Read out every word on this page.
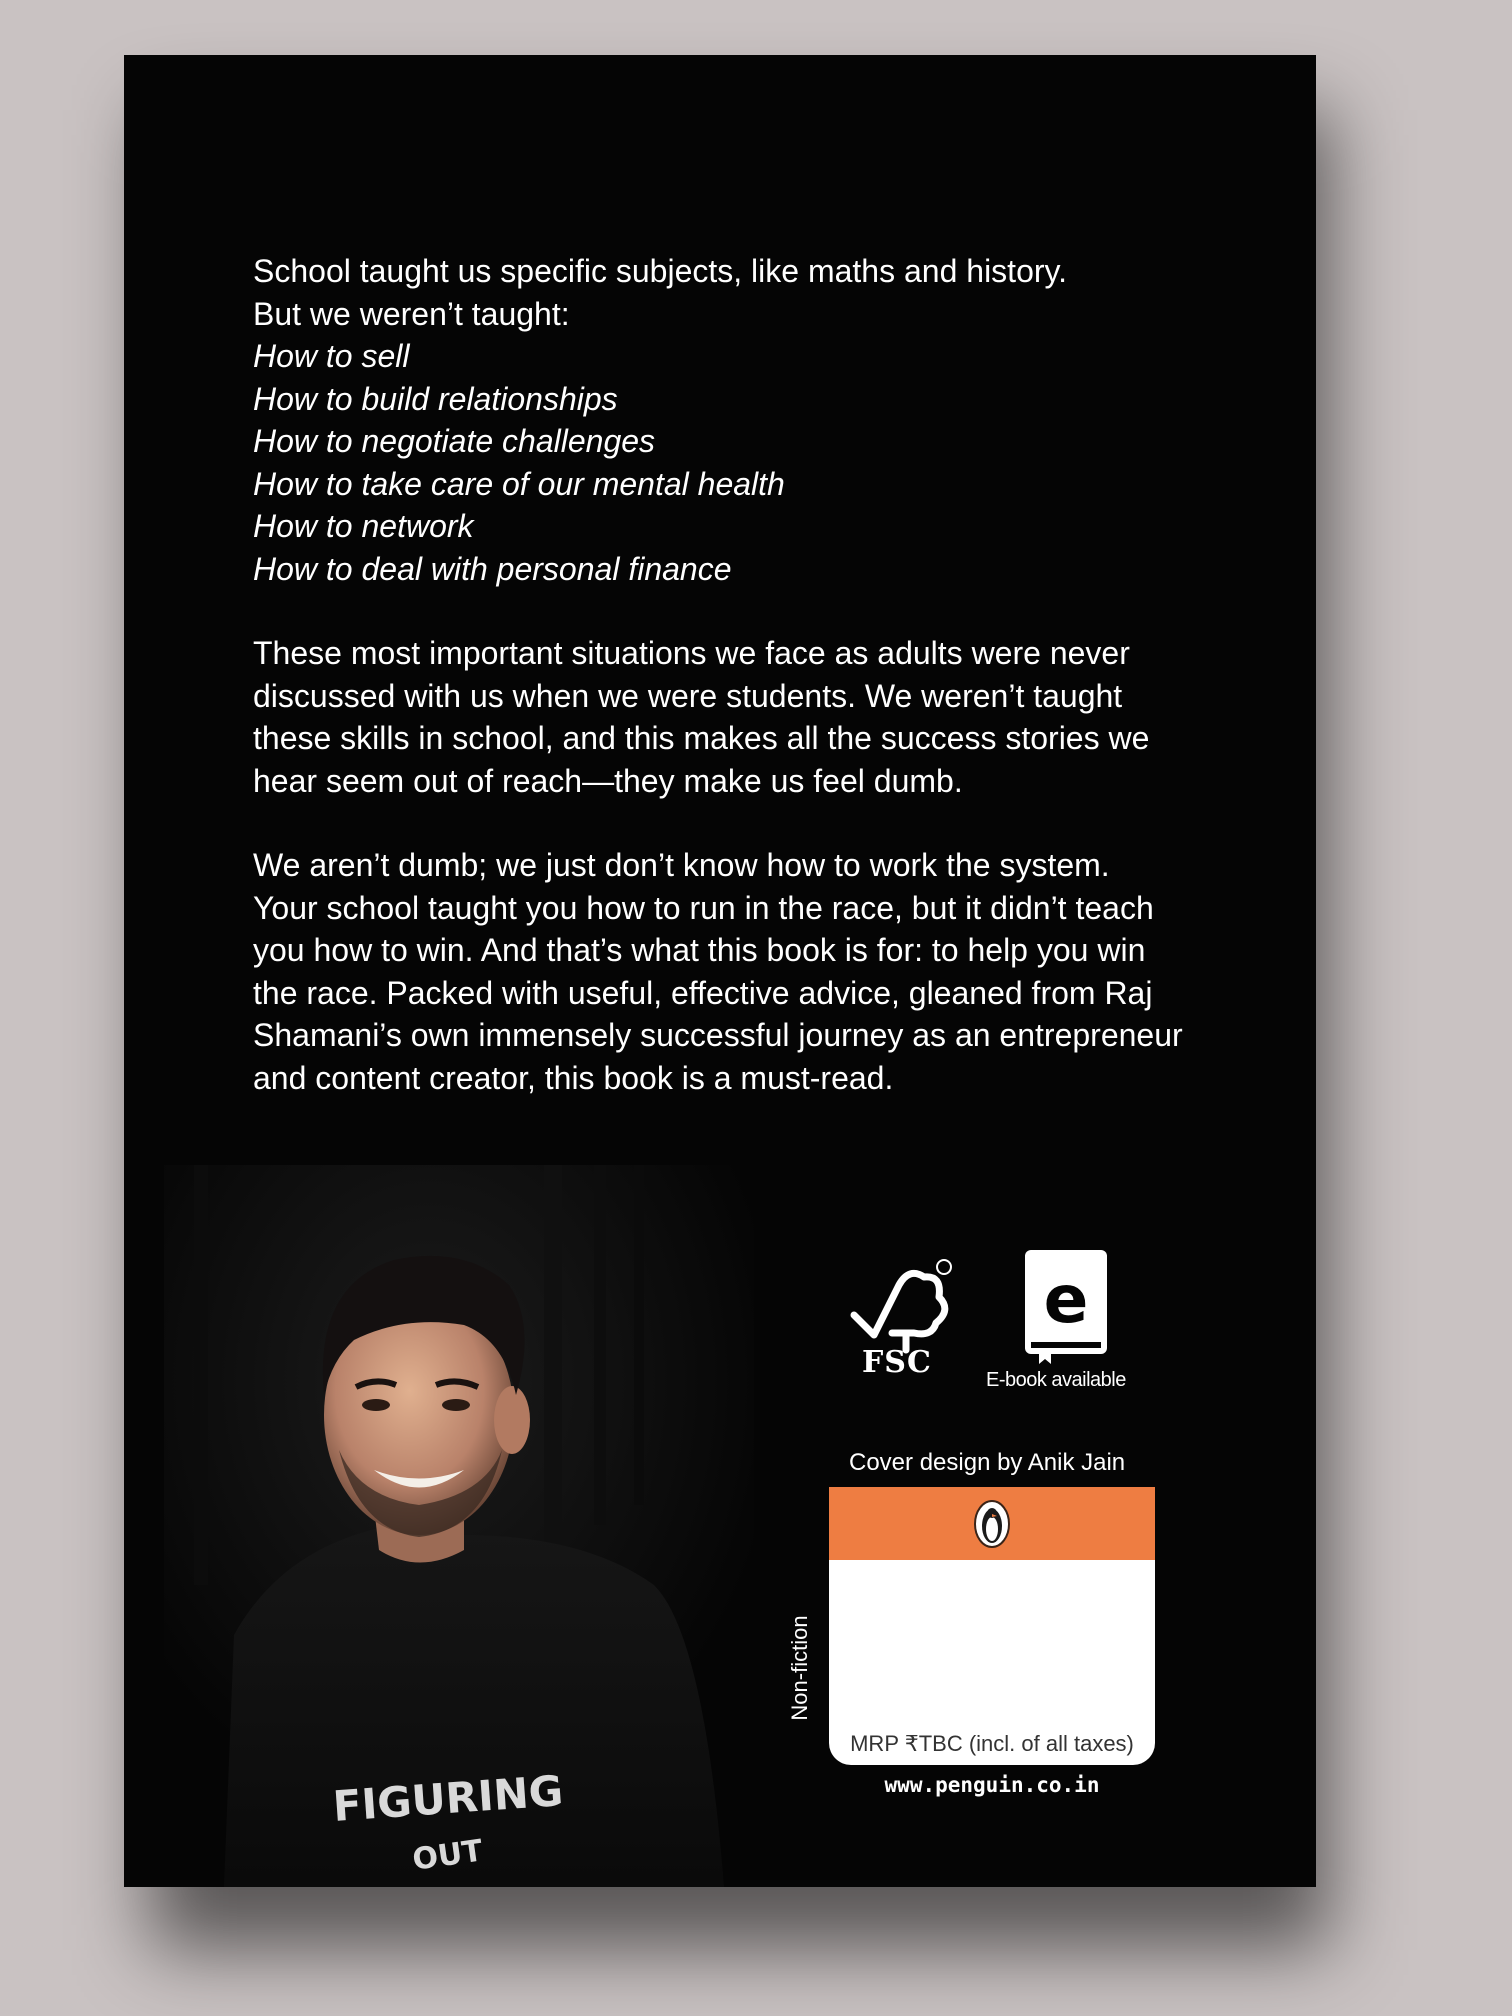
School taught us specific subjects, like maths and history.
But we weren’t taught:
How to sell
How to build relationships
How to negotiate challenges
How to take care of our mental health
How to network
How to deal with personal finance
These most important situations we face as adults were never
discussed with us when we were students. We weren’t taught
these skills in school, and this makes all the success stories we
hear seem out of reach—they make us feel dumb.
We aren’t dumb; we just don’t know how to work the system.
Your school taught you how to run in the race, but it didn’t teach
you how to win. And that’s what this book is for: to help you win
the race. Packed with useful, effective advice, gleaned from Raj
Shamani’s own immensely successful journey as an entrepreneur
and content creator, this book is a must-read.
FIGURING
OUT
FSC
e
E-book available
Cover design by Anik Jain
Non-fiction
MRP ₹TBC (incl. of all taxes)
www.penguin.co.in
